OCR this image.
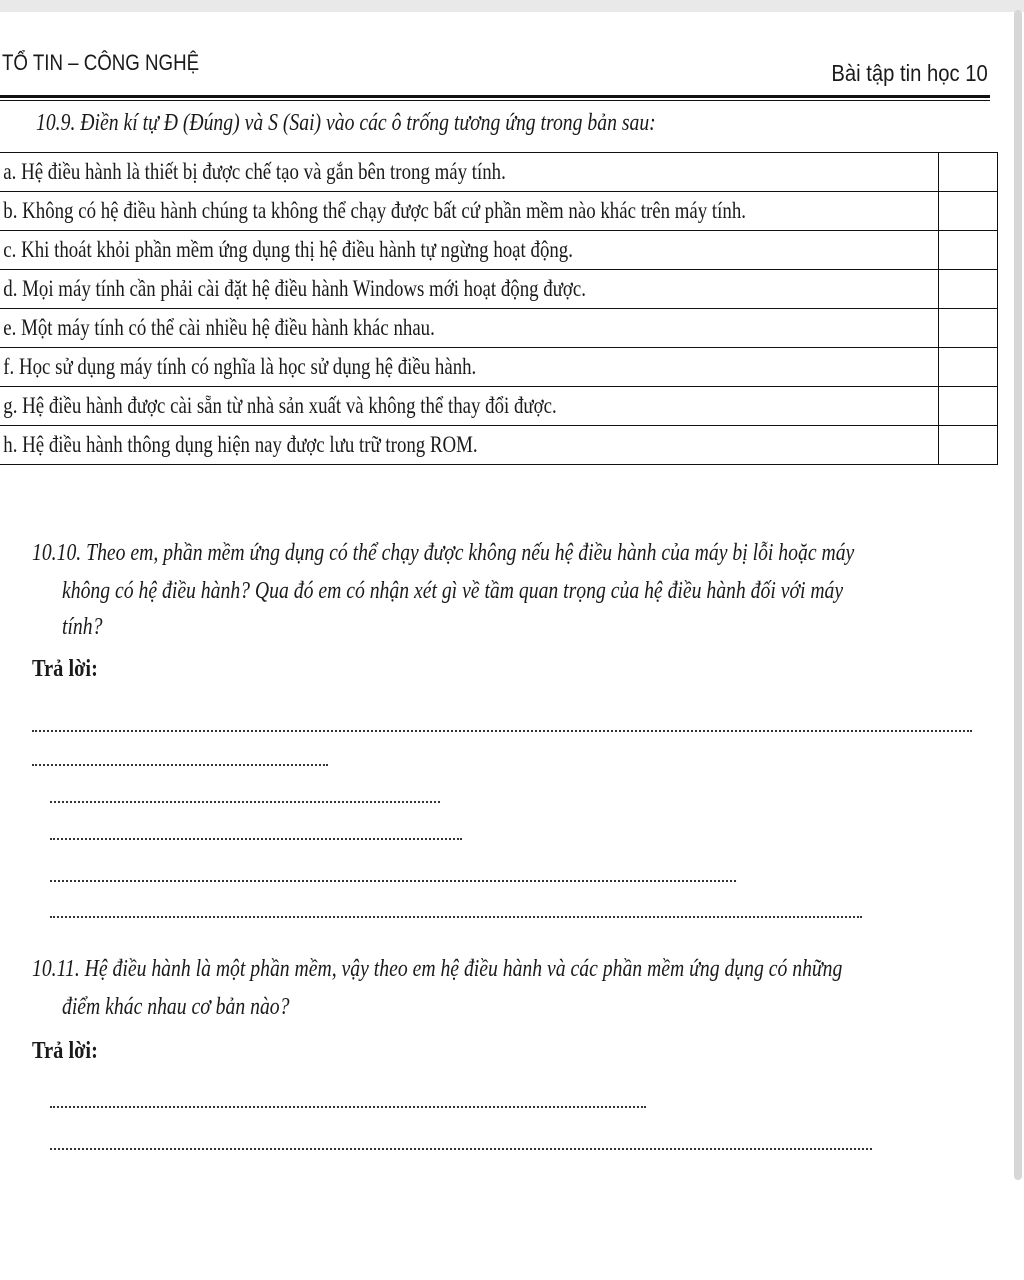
TỔ TIN – CÔNG NGHỆ	Bài tập tin học 10
10.9. Điền kí tự Đ (Đúng) và S (Sai) vào các ô trống tương ứng trong bản sau:
a. Hệ điều hành là thiết bị được chế tạo và gắn bên trong máy tính.	
b. Không có hệ điều hành chúng ta không thể chạy được bất cứ phần mềm nào khác trên máy tính.	
c. Khi thoát khỏi phần mềm ứng dụng thị hệ điều hành tự ngừng hoạt động.	
d. Mọi máy tính cần phải cài đặt hệ điều hành Windows mới hoạt động được.	
e. Một máy tính có thể cài nhiều hệ điều hành khác nhau.	
f. Học sử dụng máy tính có nghĩa là học sử dụng hệ điều hành.	
g. Hệ điều hành được cài sẵn từ nhà sản xuất và không thể thay đổi được.	
h. Hệ điều hành thông dụng hiện nay được lưu trữ trong ROM.	
10.10. Theo em, phần mềm ứng dụng có thể chạy được không nếu hệ điều hành của máy bị lỗi hoặc máy
không có hệ điều hành? Qua đó em có nhận xét gì về tầm quan trọng của hệ điều hành đối với máy
tính?
Trả lời:
10.11. Hệ điều hành là một phần mềm, vậy theo em hệ điều hành và các phần mềm ứng dụng có những
điểm khác nhau cơ bản nào?
Trả lời:
